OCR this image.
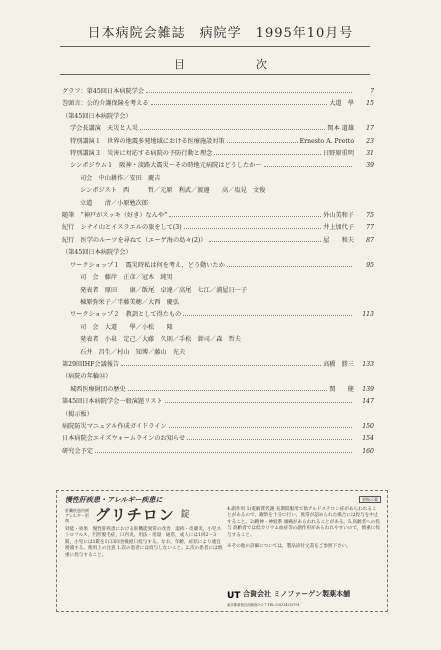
日本病院会雑誌　病院学　1995年10月号
目　次
グラフ：第45回日本病院学会	7
巻頭言：公的介護保険を考える	大道　學	15
（第45回日本病院学会）
学会長講演　天災と人災	関本 道雄	17
特別講演１　世界の地震多発地域における医療施設対策	Ernesto A. Pretto	23
特別講演３　災害に対応する病院の予防行動と理念	日野原重明	31
シンポジウム１　阪神・淡路大震災〜その時地元病院はどうしたか〜	39
司会　中山耕作／安田　慶吉
シンポジスト　西　　　哲／元原　利武／渡邊　　高／塩見　文俊
立道　　清／小原勉次郎
随筆　“神戸がスッキ（好き）なんや”	外山美和子	75
紀行　シナイ山とイスラエルの旅をして(3)	井上加代子	77
紀行　医学のルーツを尋ねて（エーゲ海の島々(2)）	屋　　和夫	87
（第45回日本病院学会）
ワークショップ１　震災時私は何を考え，どう動いたか	95
司　会　藤岸　正彦／冠木　純男
発表者　原田　　康／飯尾　卓達／高尾　七江／浦屋日一子
棟原弥栄子／半藤美穂／大西　慶弘
ワークショップ２　教訓として得たもの	113
司　会　大道　　學／小松　　隆
発表者　小泉　定己／大藤　久則／手松　幹司／森　哲夫
石井　昌生／村山　知博／藤山　光夫
第29回IHF会議報告	高橋　勝三	133
（病院の年輪㉜）
城西医療財団の歴史	関　　健	139
第45回日本病院学会一般演題リスト	147
（掲示板）
病院防災マニュアル作成ガイドライン	150
日本病院会エイズウォームラインのお知らせ	154
研究会予定	160
慢性肝疾患・アレルギー疾患に
肝臓疾患用剤 アレルギー用剤	グリチロン 錠
効能・効果　慢性肝疾患における肝機能異常の改善　湿疹・皮膚炎，小児ストロフルス，円形脱毛症，口内炎。用法・用量　通常，成人には1回2〜3錠，小児には1錠を1日3回食後経口投与する。なお，年齢，症状により適宜増減する。使用上の注意 1.次の患者には投与しないこと。2.次の患者には慎重に投与すること。
要指示薬
4.副作用 1)電解質代謝 長期間服用で偽アルドステロン症があらわれることがあるので，観察を十分に行い，異常が認められた場合には投与を中止すること。2)精神・神経系 頭痛があらわれることがある。5.高齢者への投与 高齢者では低カリウム血症等の副作用があらわれやすいので，慎重に投与すること。
※その他の詳細については，製品添付文書をご参照下さい。
UT 合資会社 ミノファーゲン製薬本舗
東京都新宿区西新宿3-2-7 TEL 03(3342)3791
